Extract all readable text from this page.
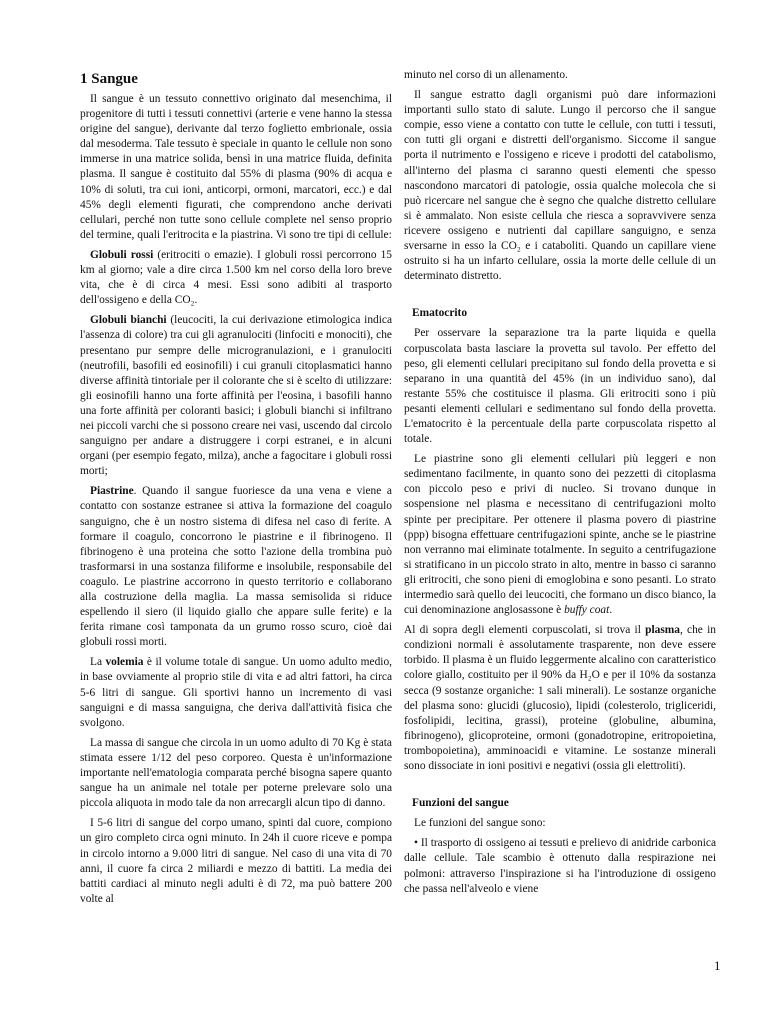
1 Sangue

Il sangue è un tessuto connettivo originato dal mesenchima, il progenitore di tutti i tessuti connettivi (arterie e vene hanno la stessa origine del sangue), derivante dal terzo foglietto embrionale, ossia dal mesoderma. Tale tessuto è speciale in quanto le cellule non sono immerse in una matrice solida, bensì in una matrice fluida, definita plasma. Il sangue è costituito dal 55% di plasma (90% di acqua e 10% di soluti, tra cui ioni, anticorpi, ormoni, marcatori, ecc.) e dal 45% degli elementi figurati, che comprendono anche derivati cellulari, perché non tutte sono cellule complete nel senso proprio del termine, quali l'eritrocita e la piastrina. Vi sono tre tipi di cellule:

Globuli rossi (eritrociti o emazie). I globuli rossi percorrono 15 km al giorno; vale a dire circa 1.500 km nel corso della loro breve vita, che è di circa 4 mesi. Essi sono adibiti al trasporto dell'ossigeno e della CO₂.

Globuli bianchi (leucociti, la cui derivazione etimologica indica l'assenza di colore) tra cui gli agranulociti (linfociti e monociti), che presentano pur sempre delle microgranulazioni, e i granulociti (neutrofili, basofili ed eosinofili) i cui granuli citoplasmatici hanno diverse affinità tintoriale per il colorante che si è scelto di utilizzare: gli eosinofili hanno una forte affinità per l'eosina, i basofili hanno una forte affinità per coloranti basici; i globuli bianchi si infiltrano nei piccoli varchi che si possono creare nei vasi, uscendo dal circolo sanguigno per andare a distruggere i corpi estranei, e in alcuni organi (per esempio fegato, milza), anche a fagocitare i globuli rossi morti;

Piastrine. Quando il sangue fuoriesce da una vena e viene a contatto con sostanze estranee si attiva la formazione del coagulo sanguigno, che è un nostro sistema di difesa nel caso di ferite. A formare il coagulo, concorrono le piastrine e il fibrinogeno. Il fibrinogeno è una proteina che sotto l'azione della trombina può trasformarsi in una sostanza filiforme e insolubile, responsabile del coagulo. Le piastrine accorrono in questo territorio e collaborano alla costruzione della maglia. La massa semisolida si riduce espellendo il siero (il liquido giallo che appare sulle ferite) e la ferita rimane così tamponata da un grumo rosso scuro, cioè dai globuli rossi morti.

La volemia è il volume totale di sangue. Un uomo adulto medio, in base ovviamente al proprio stile di vita e ad altri fattori, ha circa 5-6 litri di sangue. Gli sportivi hanno un incremento di vasi sanguigni e di massa sanguigna, che deriva dall'attività fisica che svolgono.

La massa di sangue che circola in un uomo adulto di 70 Kg è stata stimata essere 1/12 del peso corporeo. Questa è un'informazione importante nell'ematologia comparata perché bisogna sapere quanto sangue ha un animale nel totale per poterne prelevare solo una piccola aliquota in modo tale da non arrecargli alcun tipo di danno.

I 5-6 litri di sangue del corpo umano, spinti dal cuore, compiono un giro completo circa ogni minuto. In 24h il cuore riceve e pompa in circolo intorno a 9.000 litri di sangue. Nel caso di una vita di 70 anni, il cuore fa circa 2 miliardi e mezzo di battiti. La media dei battiti cardiaci al minuto negli adulti è di 72, ma può battere 200 volte al

minuto nel corso di un allenamento.

Il sangue estratto dagli organismi può dare informazioni importanti sullo stato di salute. Lungo il percorso che il sangue compie, esso viene a contatto con tutte le cellule, con tutti i tessuti, con tutti gli organi e distretti dell'organismo. Siccome il sangue porta il nutrimento e l'ossigeno e riceve i prodotti del catabolismo, all'interno del plasma ci saranno questi elementi che spesso nascondono marcatori di patologie, ossia qualche molecola che si può ricercare nel sangue che è segno che qualche distretto cellulare si è ammalato. Non esiste cellula che riesca a sopravvivere senza ricevere ossigeno e nutrienti dal capillare sanguigno, e senza sversarne in esso la CO₂ e i cataboliti. Quando un capillare viene ostruito si ha un infarto cellulare, ossia la morte delle cellule di un determinato distretto.

Ematocrito

Per osservare la separazione tra la parte liquida e quella corpuscolata basta lasciare la provetta sul tavolo. Per effetto del peso, gli elementi cellulari precipitano sul fondo della provetta e si separano in una quantità del 45% (in un individuo sano), dal restante 55% che costituisce il plasma. Gli eritrociti sono i più pesanti elementi cellulari e sedimentano sul fondo della provetta. L'ematocrito è la percentuale della parte corpuscolata rispetto al totale.

Le piastrine sono gli elementi cellulari più leggeri e non sedimentano facilmente, in quanto sono dei pezzetti di citoplasma con piccolo peso e privi di nucleo. Si trovano dunque in sospensione nel plasma e necessitano di centrifugazioni molto spinte per precipitare. Per ottenere il plasma povero di piastrine (ppp) bisogna effettuare centrifugazioni spinte, anche se le piastrine non verranno mai eliminate totalmente. In seguito a centrifugazione si stratificano in un piccolo strato in alto, mentre in basso ci saranno gli eritrociti, che sono pieni di emoglobina e sono pesanti. Lo strato intermedio sarà quello dei leucociti, che formano un disco bianco, la cui denominazione anglosassone è buffy coat.

Al di sopra degli elementi corpuscolati, si trova il plasma, che in condizioni normali è assolutamente trasparente, non deve essere torbido. Il plasma è un fluido leggermente alcalino con caratteristico colore giallo, costituito per il 90% da H₂O e per il 10% da sostanza secca (9 sostanze organiche: 1 sali minerali). Le sostanze organiche del plasma sono: glucidi (glucosio), lipidi (colesterolo, trigliceridi, fosfolipidi, lecitina, grassi), proteine (globuline, albumina, fibrinogeno), glicoproteine, ormoni (gonadotropine, eritropoietina, trombopoietina), amminoacidi e vitamine. Le sostanze minerali sono dissociate in ioni positivi e negativi (ossia gli elettroliti).

Funzioni del sangue

Le funzioni del sangue sono:

• Il trasporto di ossigeno ai tessuti e prelievo di anidride carbonica dalle cellule. Tale scambio è ottenuto dalla respirazione nei polmoni: attraverso l'inspirazione si ha l'introduzione di ossigeno che passa nell'alveolo e viene

1
